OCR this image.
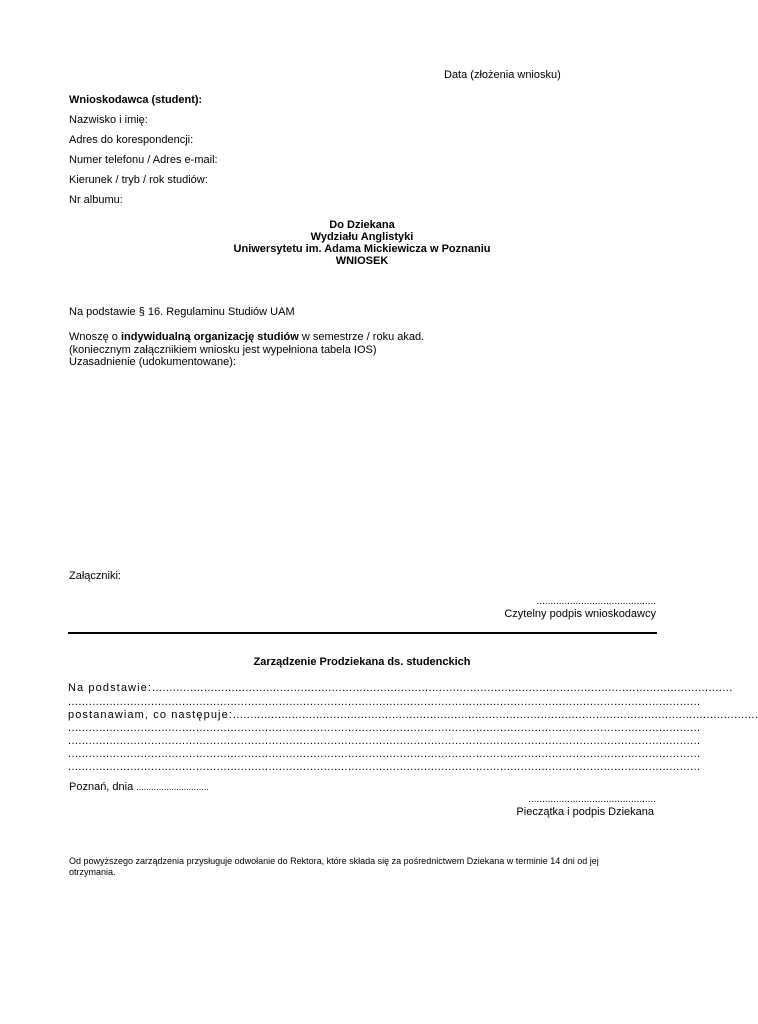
Data (złożenia wniosku)
Wnioskodawca (student):
Nazwisko i imię:
Adres do korespondencji:
Numer telefonu / Adres e-mail:
Kierunek / tryb / rok studiów:
Nr albumu:
Do Dziekana
Wydziału Anglistyki
Uniwersytetu im. Adama Mickiewicza w Poznaniu
WNIOSEK
Na podstawie § 16. Regulaminu Studiów UAM
Wnoszę o indywidualną organizację studiów w semestrze / roku akad.
(koniecznym załącznikiem wniosku jest wypełniona tabela IOS)
Uzasadnienie (udokumentowane):
Załączniki:
...........................................
Czytelny podpis wnioskodawcy
Zarządzenie Prodziekana ds. studenckich
Na podstawie:........................................................................................................................................................................
.......................................................................................................................................................................................
postanawiam, co następuje:........................................................................................................................................................
.......................................................................................................................................................................................
.......................................................................................................................................................................................
.......................................................................................................................................................................................
.......................................................................................................................................................................................
Poznań, dnia .............................
..............................................
Pieczątka i podpis Dziekana
Od powyższego zarządzenia przysługuje odwołanie do Rektora, które składa się za pośrednictwem Dziekana w terminie 14 dni od jej
otrzymania.
